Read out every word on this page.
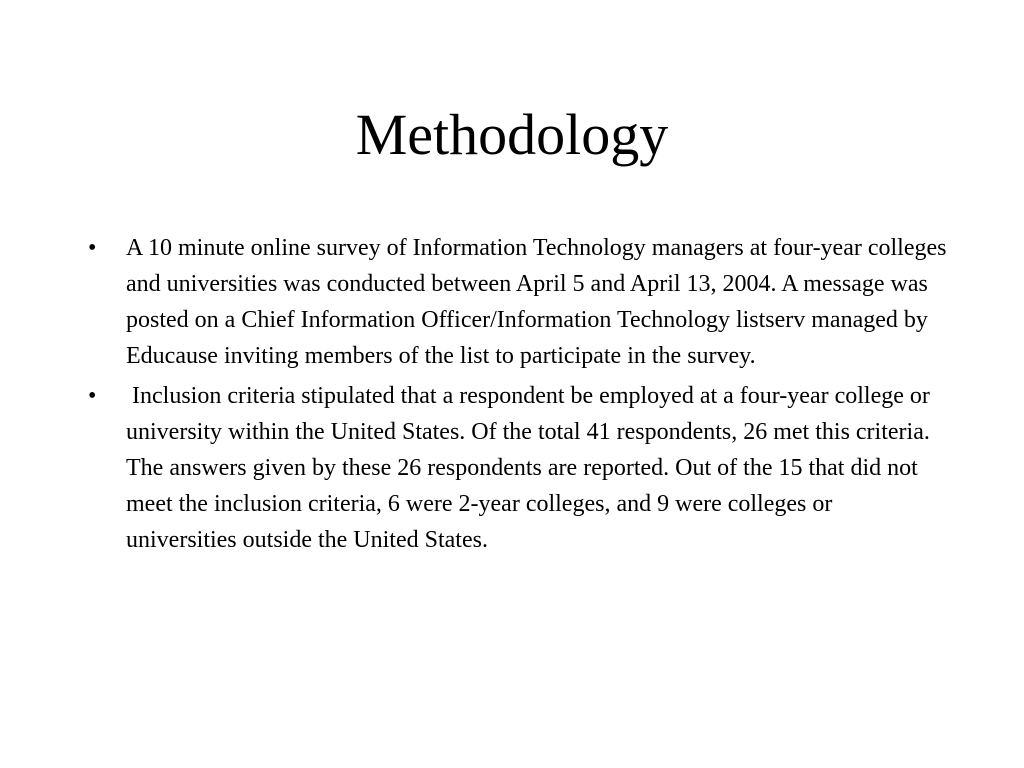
Methodology
•	A 10 minute online survey of Information Technology managers at four-year colleges and universities was conducted between April 5 and April 13, 2004. A message was posted on a Chief Information Officer/Information Technology listserv managed by Educause inviting members of the list to participate in the survey.
•	Inclusion criteria stipulated that a respondent be employed at a four-year college or university within the United States. Of the total 41 respondents, 26 met this criteria. The answers given by these 26 respondents are reported. Out of the 15 that did not meet the inclusion criteria, 6 were 2-year colleges, and 9 were colleges or universities outside the United States.
